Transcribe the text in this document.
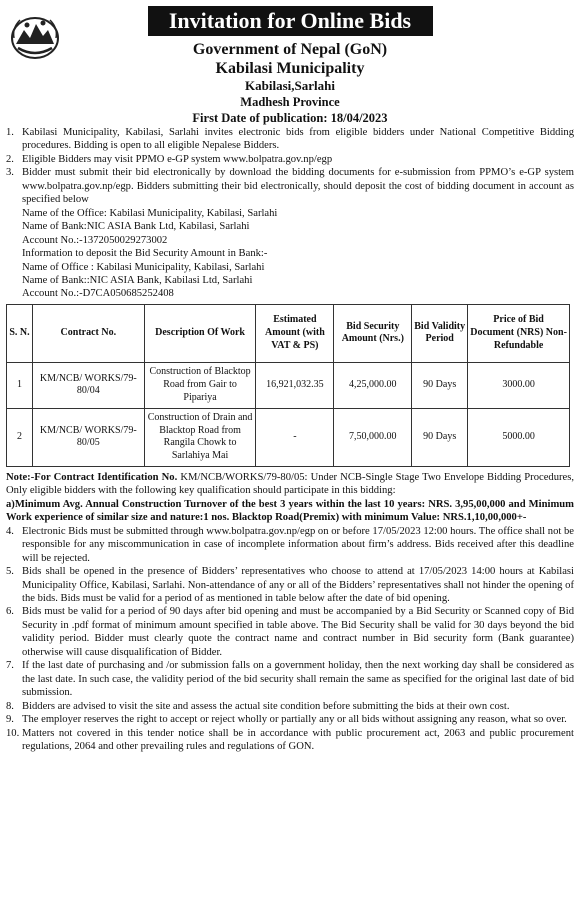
Invitation for Online Bids
Government of Nepal (GoN)
Kabilasi Municipality
Kabilasi,Sarlahi
Madhesh Province
First Date of publication: 18/04/2023
1. Kabilasi Municipality, Kabilasi, Sarlahi invites electronic bids from eligible bidders under National Competitive Bidding procedures. Bidding is open to all eligible Nepalese Bidders.
2. Eligible Bidders may visit PPMO e-GP system www.bolpatra.gov.np/egp
3. Bidder must submit their bid electronically by download the bidding documents for e-submission from PPMO’s e-GP system www.bolpatra.gov.np/egp. Bidders submitting their bid electronically, should deposit the cost of bidding document in account as specified below
Name of the Office: Kabilasi Municipality, Kabilasi, Sarlahi
Name of Bank:NIC ASIA Bank Ltd, Kabilasi, Sarlahi
Account No.:-1372050029273002
Information to deposit the Bid Security Amount in Bank:-
Name of Office : Kabilasi Municipality, Kabilasi, Sarlahi
Name of Bank::NIC ASIA Bank, Kabilasi Ltd, Sarlahi
Account No.:-D7CA050685252408
S. N.	Contract No.	Description Of Work	Estimated Amount (with VAT & PS)	Bid Security Amount (Nrs.)	Bid Validity Period	Price of Bid Document (NRS) Non-Refundable
1	KM/NCB/ WORKS/79-80/04	Construction of Blacktop Road from Gair to Pipariya	16,921,032.35	4,25,000.00	90 Days	3000.00
2	KM/NCB/ WORKS/79-80/05	Construction of Drain and Blacktop Road from Rangila Chowk to Sarlahiya Mai	-	7,50,000.00	90 Days	5000.00
Note:-For Contract Identification No. KM/NCB/WORKS/79-80/05: Under NCB-Single Stage Two Envelope Bidding Procedures, Only eligible bidders with the following key qualification should participate in this bidding:
a)Minimum Avg. Annual Construction Turnover of the best 3 years within the last 10 years: NRS. 3,95,00,000 and Minimum Work experience of similar size and nature:1 nos. Blacktop Road(Premix) with minimum Value: NRS.1,10,00,000+-
4. Electronic Bids must be submitted through www.bolpatra.gov.np/egp on or before 17/05/2023 12:00 hours. The office shall not be responsible for any miscommunication in case of incomplete information about firm’s address. Bids received after this deadline will be rejected.
5. Bids shall be opened in the presence of Bidders’ representatives who choose to attend at 17/05/2023 14:00 hours at Kabilasi Municipality Office, Kabilasi, Sarlahi. Non-attendance of any or all of the Bidders’ representatives shall not hinder the opening of the bids. Bids must be valid for a period of as mentioned in table below after the date of bid opening.
6. Bids must be valid for a period of 90 days after bid opening and must be accompanied by a Bid Security or Scanned copy of Bid Security in .pdf format of minimum amount specified in table above. The Bid Security shall be valid for 30 days beyond the bid validity period. Bidder must clearly quote the contract name and contract number in Bid security form (Bank guarantee) otherwise will cause disqualification of Bidder.
7. If the last date of purchasing and /or submission falls on a government holiday, then the next working day shall be considered as the last date. In such case, the validity period of the bid security shall remain the same as specified for the original last date of bid submission.
8. Bidders are advised to visit the site and assess the actual site condition before submitting the bids at their own cost.
9. The employer reserves the right to accept or reject wholly or partially any or all bids without assigning any reason, what so over.
10. Matters not covered in this tender notice shall be in accordance with public procurement act, 2063 and public procurement regulations, 2064 and other prevailing rules and regulations of GON.
